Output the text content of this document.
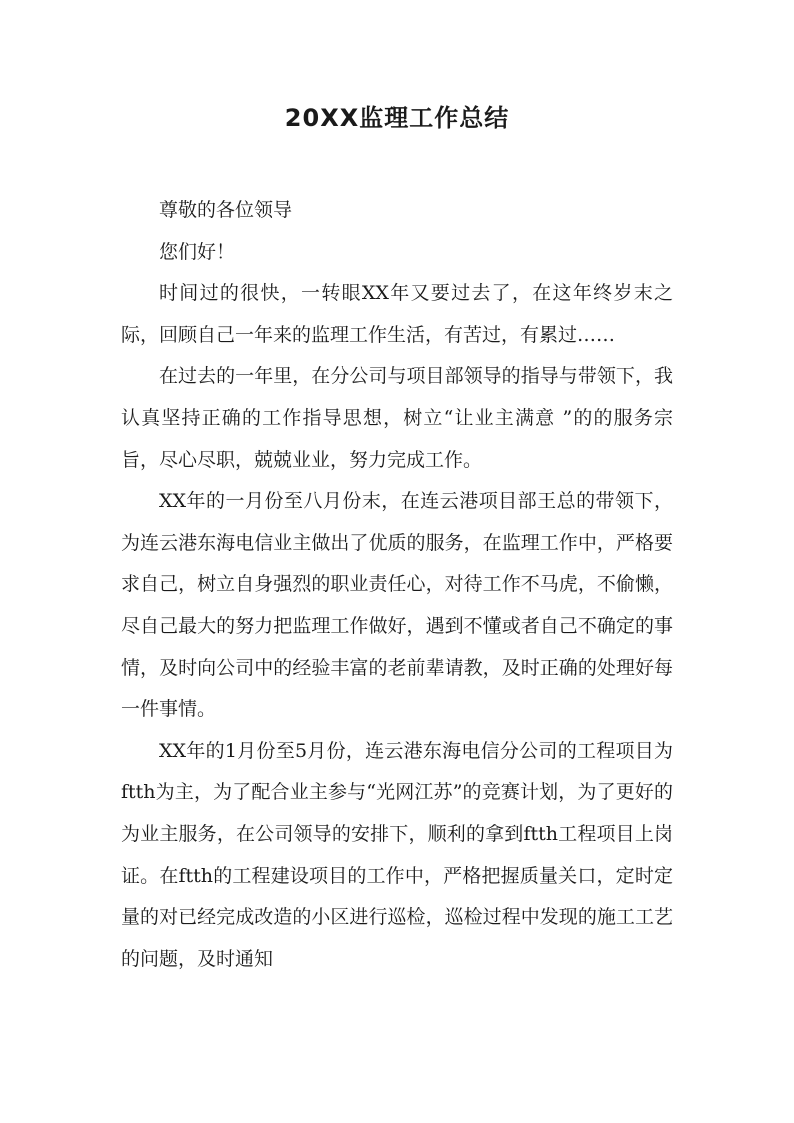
20XX监理工作总结

尊敬的各位领导

您们好！

时间过的很快，一转眼XX年又要过去了，在这年终岁末之际，回顾自己一年来的监理工作生活，有苦过，有累过……

在过去的一年里，在分公司与项目部领导的指导与带领下，我认真坚持正确的工作指导思想，树立“让业主满意 ”的的服务宗旨，尽心尽职，兢兢业业，努力完成工作。

XX年的一月份至八月份末，在连云港项目部王总的带领下，为连云港东海电信业主做出了优质的服务，在监理工作中，严格要求自己，树立自身强烈的职业责任心，对待工作不马虎，不偷懒，尽自己最大的努力把监理工作做好，遇到不懂或者自己不确定的事情，及时向公司中的经验丰富的老前辈请教，及时正确的处理好每一件事情。

XX年的1月份至5月份，连云港东海电信分公司的工程项目为ftth为主，为了配合业主参与“光网江苏”的竞赛计划，为了更好的为业主服务，在公司领导的安排下，顺利的拿到ftth工程项目上岗证。在ftth的工程建设项目的工作中，严格把握质量关口，定时定量的对已经完成改造的小区进行巡检，巡检过程中发现的施工工艺的问题，及时通知
